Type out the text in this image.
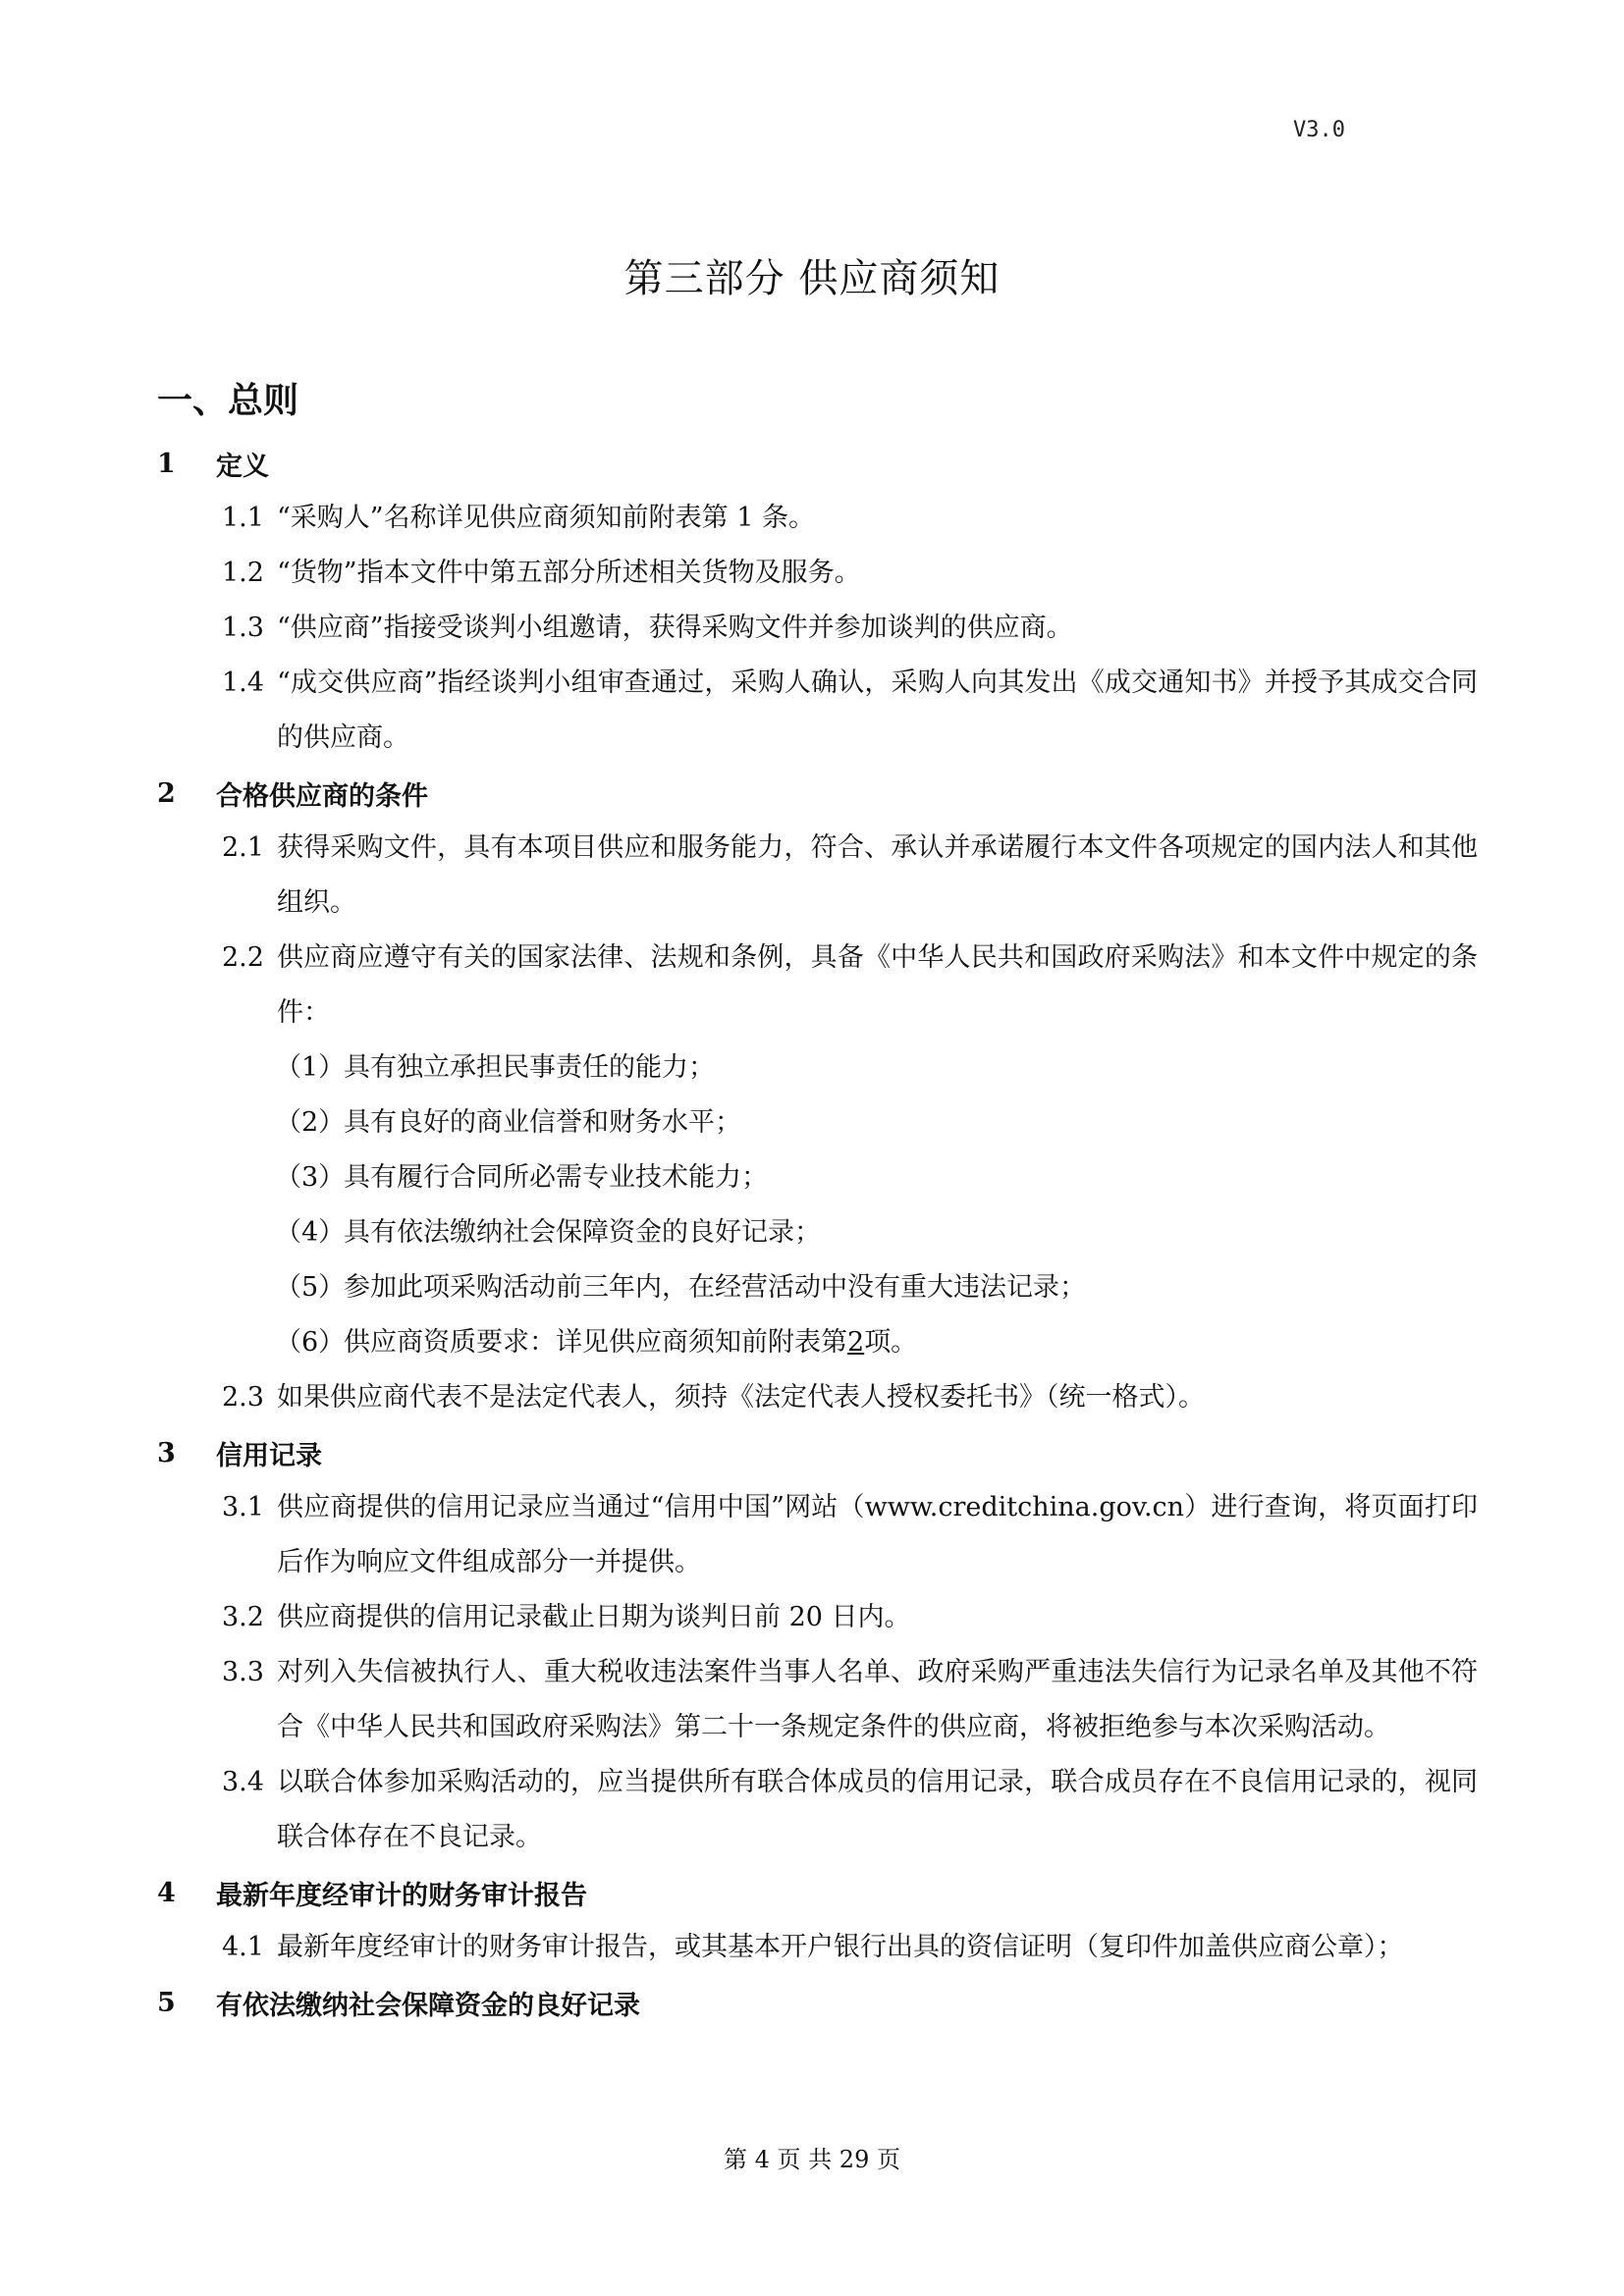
V3.0
第三部分 供应商须知
一、总则
1	定义
1.1 “采购人”名称详见供应商须知前附表第 1 条。
1.2 “货物”指本文件中第五部分所述相关货物及服务。
1.3 “供应商”指接受谈判小组邀请，获得采购文件并参加谈判的供应商。
1.4 “成交供应商”指经谈判小组审查通过，采购人确认，采购人向其发出《成交通知书》并授予其成交合同的供应商。
2	合格供应商的条件
2.1 获得采购文件，具有本项目供应和服务能力，符合、承认并承诺履行本文件各项规定的国内法人和其他组织。
2.2 供应商应遵守有关的国家法律、法规和条例，具备《中华人民共和国政府采购法》和本文件中规定的条件：
（1）
具有独立承担民事责任的能力；
（2）
具有良好的商业信誉和财务水平；
（3）
具有履行合同所必需专业技术能力；
（4）
具有依法缴纳社会保障资金的良好记录；
（5）
参加此项采购活动前三年内，在经营活动中没有重大违法记录；
（6）
供应商资质要求：详见供应商须知前附表第2项。
2.3 如果供应商代表不是法定代表人，须持《法定代表人授权委托书》（统一格式）。
3	信用记录
3.1 供应商提供的信用记录应当通过“信用中国”网站（www.creditchina.gov.cn）进行查询，将页面打印后作为响应文件组成部分一并提供。
3.2 供应商提供的信用记录截止日期为谈判日前 20 日内。
3.3 对列入失信被执行人、重大税收违法案件当事人名单、政府采购严重违法失信行为记录名单及其他不符合《中华人民共和国政府采购法》第二十一条规定条件的供应商，将被拒绝参与本次采购活动。
3.4 以联合体参加采购活动的，应当提供所有联合体成员的信用记录，联合成员存在不良信用记录的，视同联合体存在不良记录。
4	最新年度经审计的财务审计报告
4.1 最新年度经审计的财务审计报告，或其基本开户银行出具的资信证明（复印件加盖供应商公章）；
5	有依法缴纳社会保障资金的良好记录
第 4 页 共 29 页
